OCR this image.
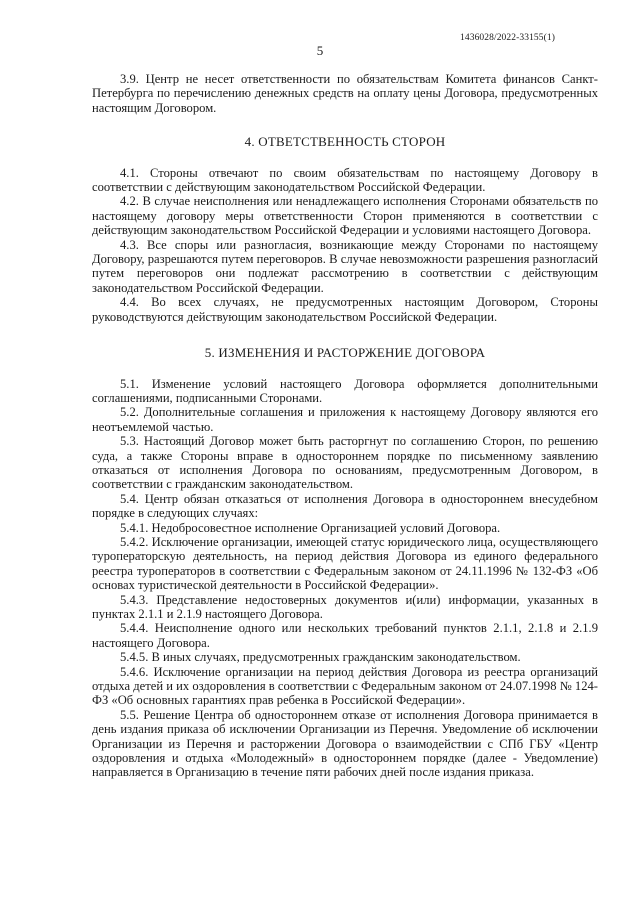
1436028/2022-33155(1)
5

3.9. Центр не несет ответственности по обязательствам Комитета финансов Санкт-Петербурга по перечислению денежных средств на оплату цены Договора, предусмотренных настоящим Договором.

4. ОТВЕТСТВЕННОСТЬ СТОРОН

4.1. Стороны отвечают по своим обязательствам по настоящему Договору в соответствии с действующим законодательством Российской Федерации.

4.2. В случае неисполнения или ненадлежащего исполнения Сторонами обязательств по настоящему договору меры ответственности Сторон применяются в соответствии с действующим законодательством Российской Федерации и условиями настоящего Договора.

4.3. Все споры или разногласия, возникающие между Сторонами по настоящему Договору, разрешаются путем переговоров. В случае невозможности разрешения разногласий путем переговоров они подлежат рассмотрению в соответствии с действующим законодательством Российской Федерации.

4.4. Во всех случаях, не предусмотренных настоящим Договором, Стороны руководствуются действующим законодательством Российской Федерации.

5. ИЗМЕНЕНИЯ И РАСТОРЖЕНИЕ ДОГОВОРА

5.1. Изменение условий настоящего Договора оформляется дополнительными соглашениями, подписанными Сторонами.

5.2. Дополнительные соглашения и приложения к настоящему Договору являются его неотъемлемой частью.

5.3. Настоящий Договор может быть расторгнут по соглашению Сторон, по решению суда, а также Стороны вправе в одностороннем порядке по письменному заявлению отказаться от исполнения Договора по основаниям, предусмотренным Договором, в соответствии с гражданским законодательством.

5.4. Центр обязан отказаться от исполнения Договора в одностороннем внесудебном порядке в следующих случаях:

5.4.1. Недобросовестное исполнение Организацией условий Договора.

5.4.2. Исключение организации, имеющей статус юридического лица, осуществляющего туроператорскую деятельность, на период действия Договора из единого федерального реестра туроператоров в соответствии с Федеральным законом от 24.11.1996 № 132-ФЗ «Об основах туристической деятельности в Российской Федерации».

5.4.3. Представление недостоверных документов и(или) информации, указанных в пунктах 2.1.1 и 2.1.9 настоящего Договора.

5.4.4. Неисполнение одного или нескольких требований пунктов 2.1.1, 2.1.8 и 2.1.9 настоящего Договора.

5.4.5. В иных случаях, предусмотренных гражданским законодательством.

5.4.6. Исключение организации на период действия Договора из реестра организаций отдыха детей и их оздоровления в соответствии с Федеральным законом от 24.07.1998 № 124-ФЗ «Об основных гарантиях прав ребенка в Российской Федерации».

5.5. Решение Центра об одностороннем отказе от исполнения Договора принимается в день издания приказа об исключении Организации из Перечня. Уведомление об исключении Организации из Перечня и расторжении Договора о взаимодействии с СПб ГБУ «Центр оздоровления и отдыха «Молодежный» в одностороннем порядке (далее - Уведомление) направляется в Организацию в течение пяти рабочих дней после издания приказа.
